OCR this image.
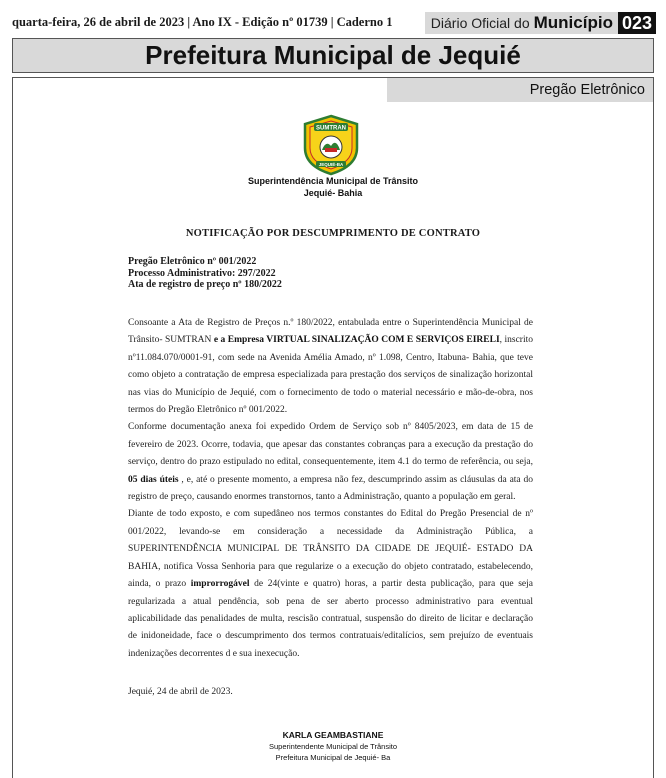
quarta-feira, 26 de abril de 2023 | Ano IX - Edição nº 01739 | Caderno 1	Diário Oficial do Município 023
Prefeitura Municipal de Jequié
Pregão Eletrônico
SUMTRAN
JEQUIÉ-BA
Superintendência Municipal de Trânsito
Jequié- Bahia
NOTIFICAÇÃO POR DESCUMPRIMENTO DE CONTRATO
Pregão Eletrônico nº 001/2022
Processo Administrativo: 297/2022
Ata de registro de preço nº 180/2022

Consoante a Ata de Registro de Preços n.º 180/2022, entabulada entre o Superintendência Municipal de Trânsito- SUMTRAN e a Empresa VIRTUAL SINALIZAÇÃO COM E SERVIÇOS EIRELI, inscrito nº11.084.070/0001-91, com sede na Avenida Amélia Amado, nº 1.098, Centro, Itabuna- Bahia, que teve como objeto a contratação de empresa especializada para prestação dos serviços de sinalização horizontal nas vias do Município de Jequié, com o fornecimento de todo o material necessário e mão-de-obra, nos termos do Pregão Eletrônico nº 001/2022.

Conforme documentação anexa foi expedido Ordem de Serviço sob nº 8405/2023, em data de 15 de fevereiro de 2023. Ocorre, todavia, que apesar das constantes cobranças para a execução da prestação do serviço, dentro do prazo estipulado no edital, consequentemente, item 4.1 do termo de referência, ou seja, 05 dias úteis , e, até o presente momento, a empresa não fez, descumprindo assim as cláusulas da ata do registro de preço, causando enormes transtornos, tanto a Administração, quanto a população em geral.

Diante de todo exposto, e com supedâneo nos termos constantes do Edital do Pregão Presencial de nº 001/2022, levando-se em consideração a necessidade da Administração Pública, a SUPERINTENDÊNCIA MUNICIPAL DE TRÂNSITO DA CIDADE DE JEQUIÉ- ESTADO DA BAHIA, notifica Vossa Senhoria para que regularize o a execução do objeto contratado, estabelecendo, ainda, o prazo improrrogável de 24(vinte e quatro) horas, a partir desta publicação, para que seja regularizada a atual pendência, sob pena de ser aberto processo administrativo para eventual aplicabilidade das penalidades de multa, rescisão contratual, suspensão do direito de licitar e declaração de inidoneidade, face o descumprimento dos termos contratuais/editalícios, sem prejuízo de eventuais indenizações decorrentes d e sua inexecução.

Jequié, 24 de abril de 2023.
KARLA GEAMBASTIANE
Superintendente Municipal de Trânsito
Prefeitura Municipal de Jequié- Ba
